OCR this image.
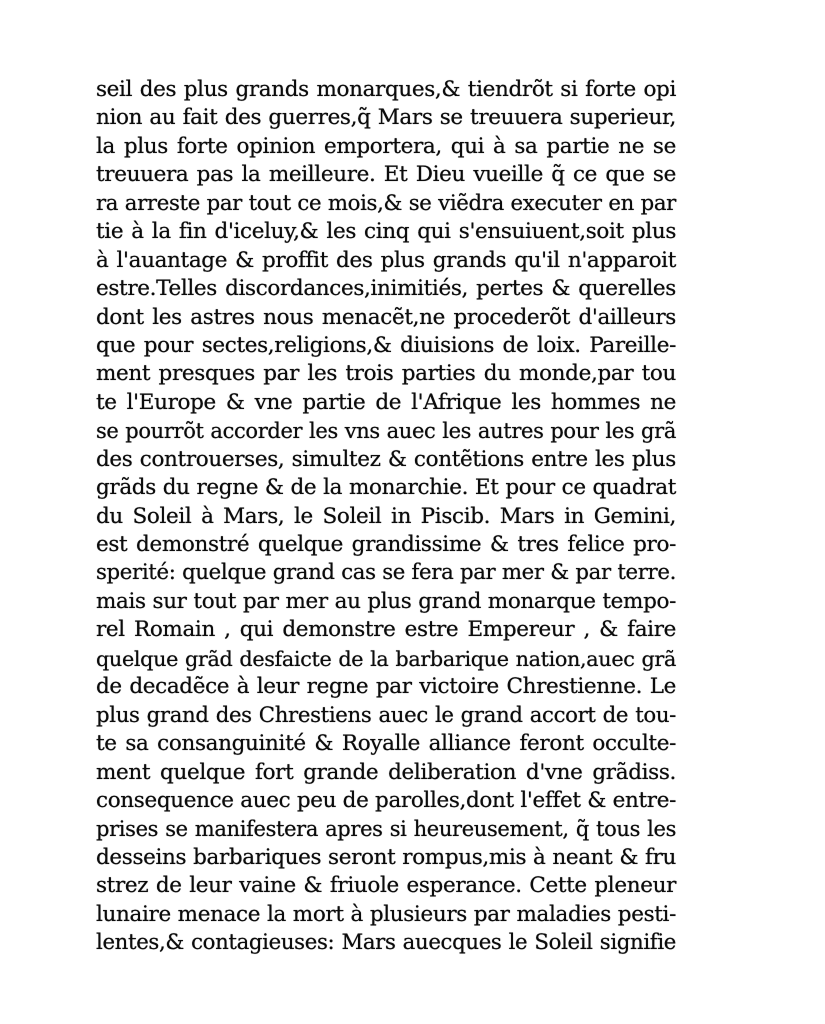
seil des plus grands monarques,& tiendrõt si forte opi
nion au fait des guerres,q̃ Mars se treuuera superieur,
la plus forte opinion emportera, qui à sa partie ne se
treuuera pas la meilleure. Et Dieu vueille q̃ ce que se
ra arreste par tout ce mois,& se viẽdra executer en par
tie à la fin d'iceluy,& les cinq qui s'ensuiuent,soit plus
à l'auantage & proffit des plus grands qu'il n'apparoit
estre.Telles discordances,inimitiés, pertes & querelles
dont les astres nous menacẽt,ne procederõt d'ailleurs
que pour sectes,religions,& diuisions de loix. Pareille-
ment presques par les trois parties du monde,par tou
te l'Europe & vne partie de l'Afrique les hommes ne
se pourrõt accorder les vns auec les autres pour les grã
des controuerses, simultez & contẽtions entre les plus
grãds du regne & de la monarchie. Et pour ce quadrat
du Soleil à Mars, le Soleil in Piscib. Mars in Gemini,
est demonstré quelque grandissime & tres felice pro-
sperité: quelque grand cas se fera par mer & par terre.
mais sur tout par mer au plus grand monarque tempo-
rel Romain , qui demonstre estre Empereur , & faire
quelque grãd desfaicte de la barbarique nation,auec grã
de decadẽce à leur regne par victoire Chrestienne. Le
plus grand des Chrestiens auec le grand accort de tou-
te sa consanguinité & Royalle alliance feront occulte-
ment quelque fort grande deliberation d'vne grãdiss.
consequence auec peu de parolles,dont l'effet & entre-
prises se manifestera apres si heureusement, q̃ tous les
desseins barbariques seront rompus,mis à neant & fru
strez de leur vaine & friuole esperance. Cette pleneur
lunaire menace la mort à plusieurs par maladies pesti-
lentes,& contagieuses: Mars auecques le Soleil signifie
